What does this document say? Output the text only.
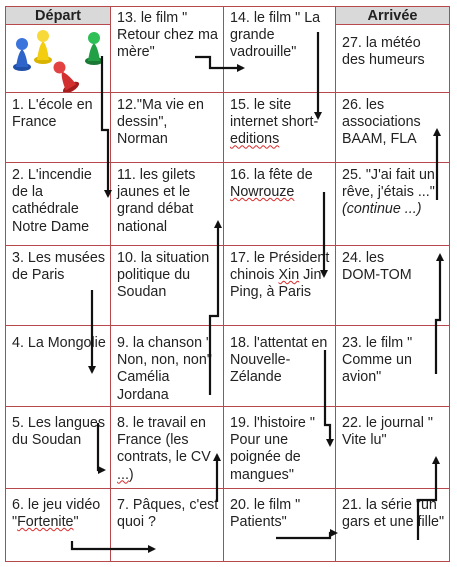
Départ
1. L'école en France
2. L'incendie de la cathédrale Notre Dame
3. Les musées de Paris
4. La Mongolie
5. Les langues du Soudan
6. le jeu vidéo "Fortenite"
13. le film " Retour chez ma mère"
12."Ma vie en dessin", Norman
11. les gilets jaunes et le grand débat national
10. la situation politique du Soudan
9. la chanson " Non, non, non" Camélia Jordana
8. le travail en France (les contrats, le CV ...)
7. Pâques, c'est quoi ?
14. le film " La grande vadrouille"
15. le site internet short-editions
16. la fête de Nowrouze
17. le Président chinois Xin Jin Ping, à Paris
18. l'attentat en Nouvelle-Zélande
19. l'histoire " Pour une poignée de mangues"
20. le film " Patients"
Arrivée
27. la météo des humeurs
26. les associations BAAM, FLA
25. "J'ai fait un rêve, j'étais ..." (continue ...)
24. les DOM-TOM
23. le film " Comme un avion"
22. le journal " Vite lu"
21. la série "un gars et une fille"
